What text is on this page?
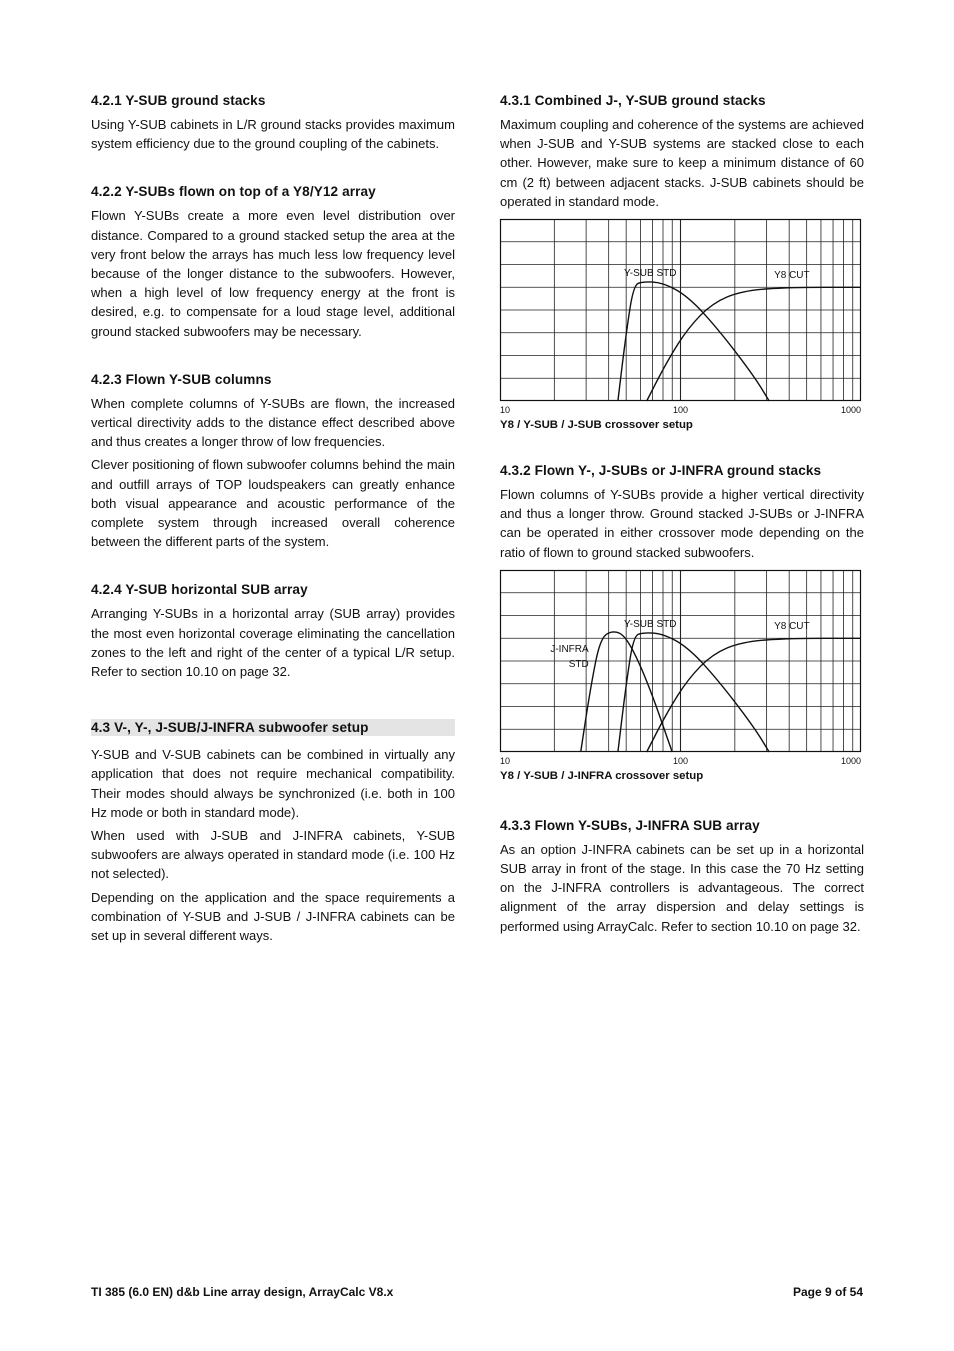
4.2.1 Y-SUB ground stacks

Using Y-SUB cabinets in L/R ground stacks provides maximum system efficiency due to the ground coupling of the cabinets.

4.2.2 Y-SUBs flown on top of a Y8/Y12 array

Flown Y-SUBs create a more even level distribution over distance. Compared to a ground stacked setup the area at the very front below the arrays has much less low frequency level because of the longer distance to the subwoofers. However, when a high level of low frequency energy at the front is desired, e.g. to compensate for a loud stage level, additional ground stacked subwoofers may be necessary.

4.2.3 Flown Y-SUB columns

When complete columns of Y-SUBs are flown, the increased vertical directivity adds to the distance effect described above and thus creates a longer throw of low frequencies.

Clever positioning of flown subwoofer columns behind the main and outfill arrays of TOP loudspeakers can greatly enhance both visual appearance and acoustic performance of the complete system through increased overall coherence between the different parts of the system.

4.2.4 Y-SUB horizontal SUB array

Arranging Y-SUBs in a horizontal array (SUB array) provides the most even horizontal coverage eliminating the cancellation zones to the left and right of the center of a typical L/R setup. Refer to section 10.10 on page 32.

4.3 V-, Y-, J-SUB/J-INFRA subwoofer setup

Y-SUB and V-SUB cabinets can be combined in virtually any application that does not require mechanical compatibility. Their modes should always be synchronized (i.e. both in 100 Hz mode or both in standard mode).

When used with J-SUB and J-INFRA cabinets, Y-SUB subwoofers are always operated in standard mode (i.e. 100 Hz not selected).

Depending on the application and the space requirements a combination of Y-SUB and J-SUB / J-INFRA cabinets can be set up in several different ways.

4.3.1 Combined J-, Y-SUB ground stacks

Maximum coupling and coherence of the systems are achieved when J-SUB and Y-SUB systems are stacked close to each other. However, make sure to keep a minimum distance of 60 cm (2 ft) between adjacent stacks. J-SUB cabinets should be operated in standard mode.

Y-SUB STD	Y8 CUT
10	100	1000
Y8 / Y-SUB / J-SUB crossover setup
4.3.2 Flown Y-, J-SUBs or J-INFRA ground stacks

Flown columns of Y-SUBs provide a higher vertical directivity and thus a longer throw. Ground stacked J-SUBs or J-INFRA can be operated in either crossover mode depending on the ratio of flown to ground stacked subwoofers.

J-INFRA STD
Y-SUB STD	Y8 CUT
10	100	1000
Y8 / Y-SUB / J-INFRA crossover setup
4.3.3 Flown Y-SUBs, J-INFRA SUB array

As an option J-INFRA cabinets can be set up in a horizontal SUB array in front of the stage. In this case the 70 Hz setting on the J-INFRA controllers is advantageous. The correct alignment of the array dispersion and delay settings is performed using ArrayCalc. Refer to section 10.10 on page 32.

TI 385 (6.0 EN) d&b Line array design, ArrayCalc V8.x	Page 9 of 54
